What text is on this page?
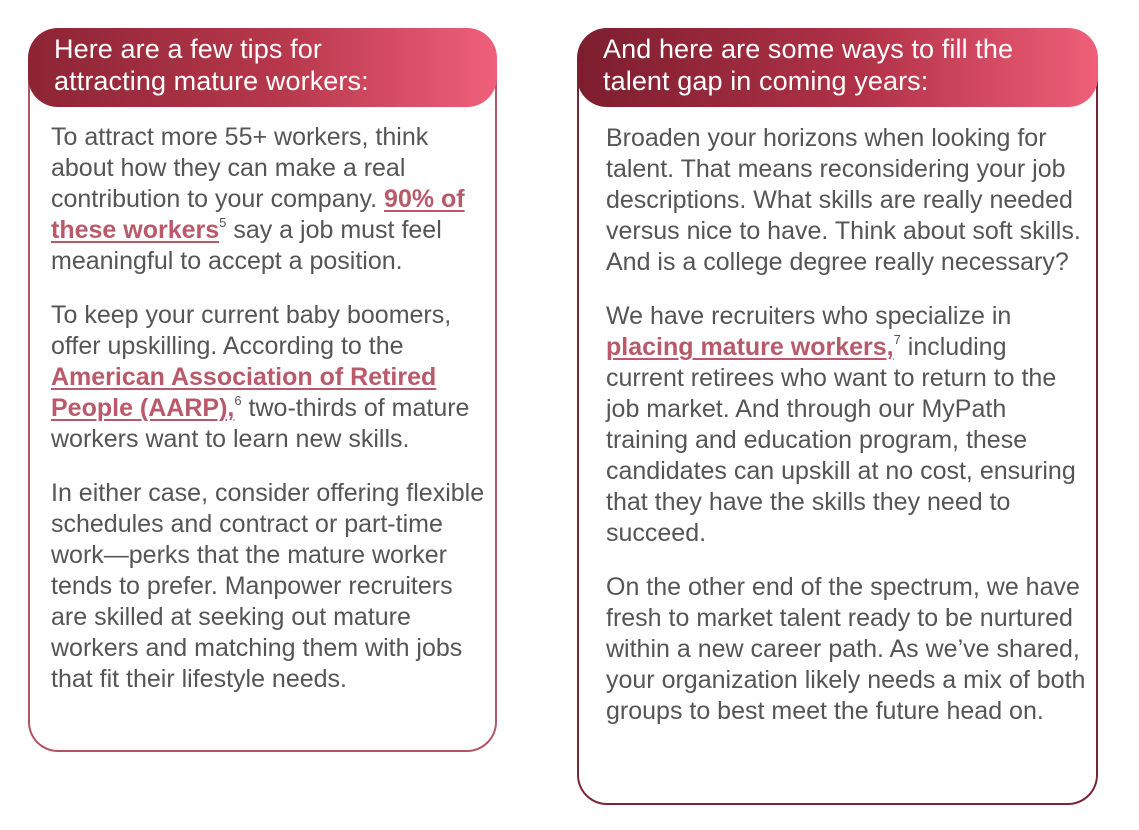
Here are a few tips for
attracting mature workers:

To attract more 55+ workers, think about how they can make a real contribution to your company. 90% of these workers$^5$ say a job must feel meaningful to accept a position.

To keep your current baby boomers, offer upskilling. According to the American Association of Retired People (AARP),$^6$ two-thirds of mature workers want to learn new skills.

In either case, consider offering flexible schedules and contract or part-time work—perks that the mature worker tends to prefer. Manpower recruiters are skilled at seeking out mature workers and matching them with jobs that fit their lifestyle needs.

And here are some ways to fill the
talent gap in coming years:

Broaden your horizons when looking for talent. That means reconsidering your job descriptions. What skills are really needed versus nice to have. Think about soft skills. And is a college degree really necessary?

We have recruiters who specialize in placing mature workers,$^7$ including current retirees who want to return to the job market. And through our MyPath training and education program, these candidates can upskill at no cost, ensuring that they have the skills they need to succeed.

On the other end of the spectrum, we have fresh to market talent ready to be nurtured within a new career path. As we’ve shared, your organization likely needs a mix of both groups to best meet the future head on.
